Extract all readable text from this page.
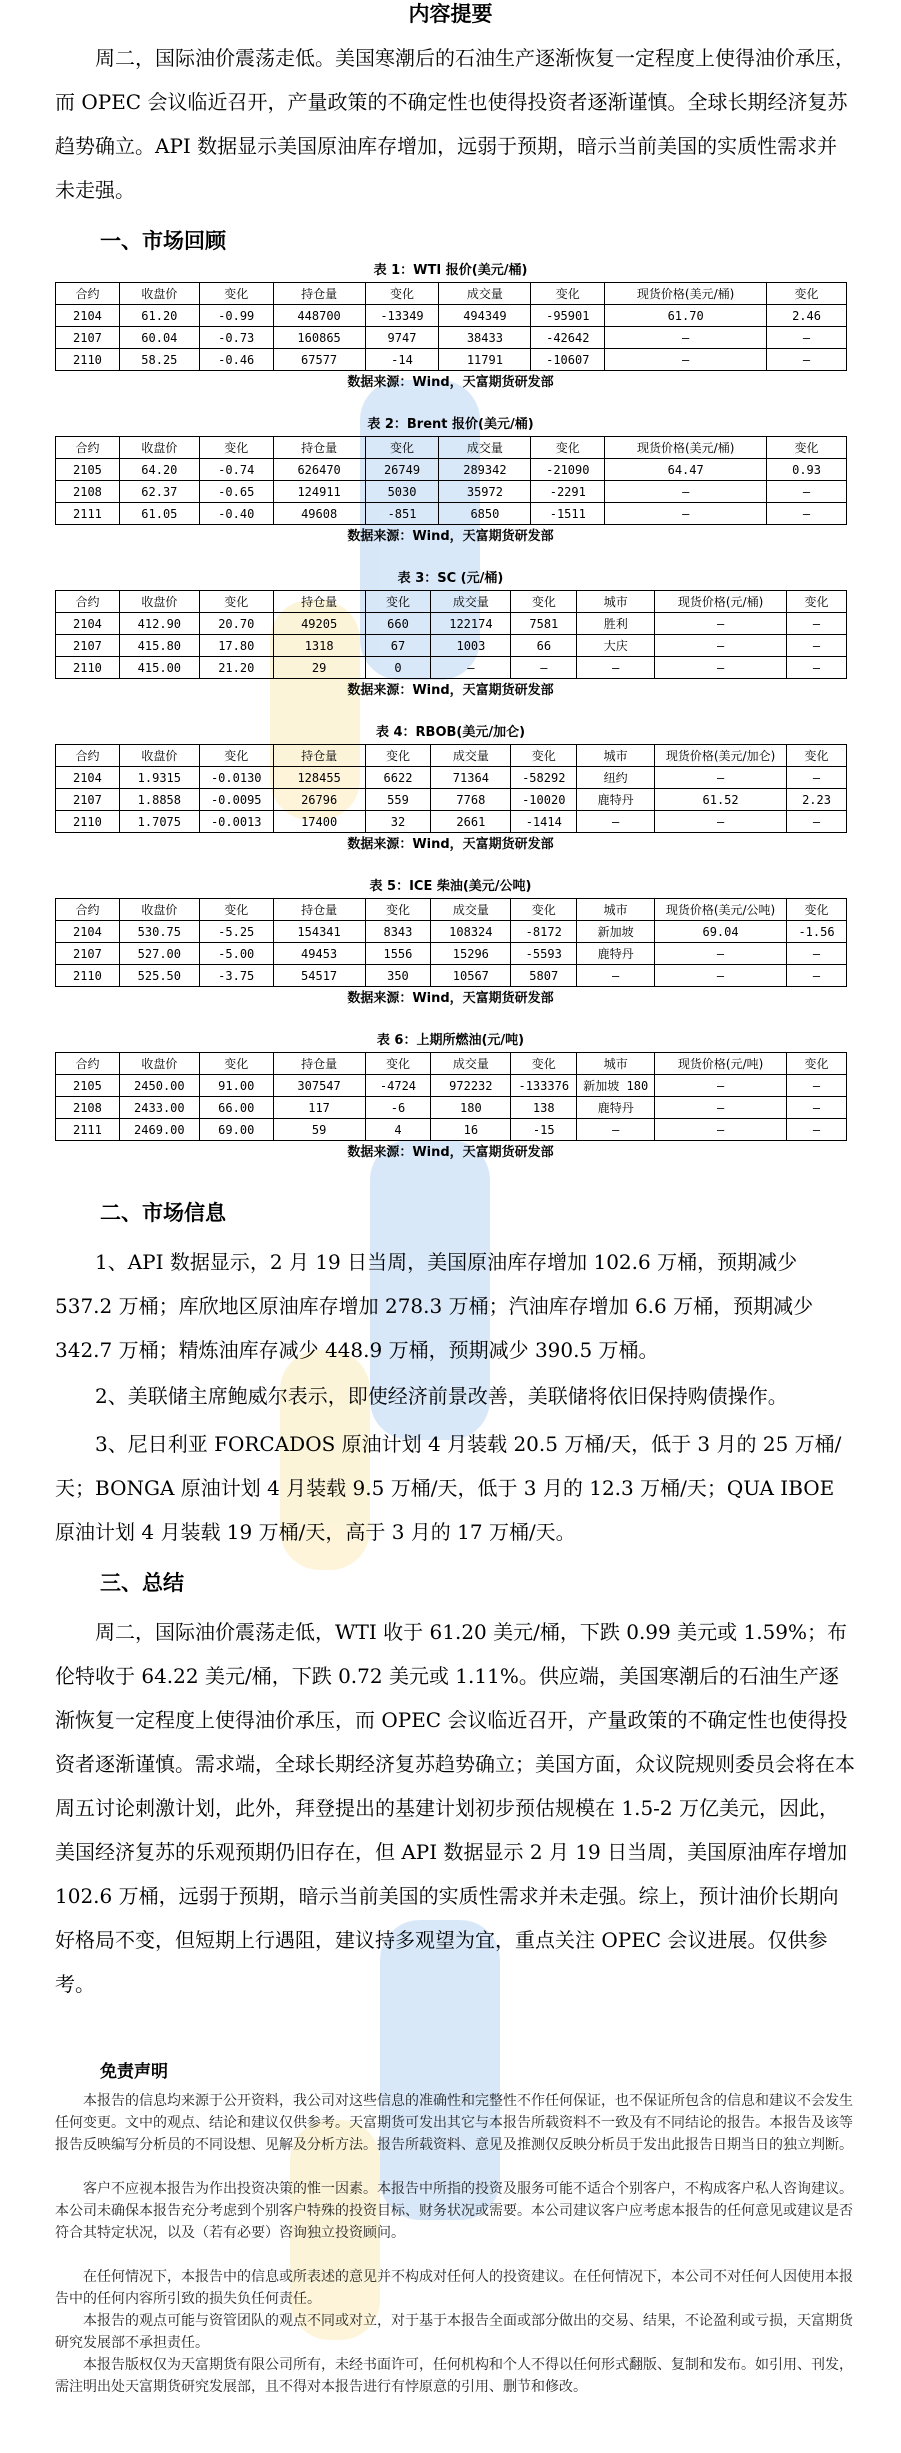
内容提要

周二，国际油价震荡走低。美国寒潮后的石油生产逐渐恢复一定程度上使得油价承压，而 OPEC 会议临近召开，产量政策的不确定性也使得投资者逐渐谨慎。全球长期经济复苏趋势确立。API 数据显示美国原油库存增加，远弱于预期，暗示当前美国的实质性需求并未走强。

一、市场回顾
表 1：WTI 报价(美元/桶)
合约	收盘价	变化	持仓量	变化	成交量	变化	现货价格(美元/桶)	变化
2104	61.20	-0.99	448700	-13349	494349	-95901	61.70	2.46
2107	60.04	-0.73	160865	9747	38433	-42642	—	—
2110	58.25	-0.46	67577	-14	11791	-10607	—	—
数据来源：Wind，天富期货研发部
表 2：Brent 报价(美元/桶)
合约	收盘价	变化	持仓量	变化	成交量	变化	现货价格(美元/桶)	变化
2105	64.20	-0.74	626470	26749	289342	-21090	64.47	0.93
2108	62.37	-0.65	124911	5030	35972	-2291	—	—
2111	61.05	-0.40	49608	-851	6850	-1511	—	—
数据来源：Wind，天富期货研发部
表 3：SC (元/桶)
合约	收盘价	变化	持仓量	变化	成交量	变化	城市	现货价格(元/桶)	变化
2104	412.90	20.70	49205	660	122174	7581	胜利	—	—
2107	415.80	17.80	1318	67	1003	66	大庆	—	—
2110	415.00	21.20	29	0	—	—	—	—	—
数据来源：Wind，天富期货研发部
表 4：RBOB(美元/加仑)
合约	收盘价	变化	持仓量	变化	成交量	变化	城市	现货价格(美元/加仑)	变化
2104	1.9315	-0.0130	128455	6622	71364	-58292	纽约	—	—
2107	1.8858	-0.0095	26796	559	7768	-10020	鹿特丹	61.52	2.23
2110	1.7075	-0.0013	17400	32	2661	-1414	—	—	—
数据来源：Wind，天富期货研发部
表 5：ICE 柴油(美元/公吨)
合约	收盘价	变化	持仓量	变化	成交量	变化	城市	现货价格(美元/公吨)	变化
2104	530.75	-5.25	154341	8343	108324	-8172	新加坡	69.04	-1.56
2107	527.00	-5.00	49453	1556	15296	-5593	鹿特丹	—	—
2110	525.50	-3.75	54517	350	10567	5807	—	—	—
数据来源：Wind，天富期货研发部
表 6：上期所燃油(元/吨)
合约	收盘价	变化	持仓量	变化	成交量	变化	城市	现货价格(元/吨)	变化
2105	2450.00	91.00	307547	-4724	972232	-133376	新加坡 180	—	—
2108	2433.00	66.00	117	-6	180	138	鹿特丹	—	—
2111	2469.00	69.00	59	4	16	-15	—	—	—
数据来源：Wind，天富期货研发部
二、市场信息

1、API 数据显示，2 月 19 日当周，美国原油库存增加 102.6 万桶，预期减少 537.2 万桶；库欣地区原油库存增加 278.3 万桶；汽油库存增加 6.6 万桶，预期减少 342.7 万桶；精炼油库存减少 448.9 万桶，预期减少 390.5 万桶。

2、美联储主席鲍威尔表示，即使经济前景改善，美联储将依旧保持购债操作。

3、尼日利亚 FORCADOS 原油计划 4 月装载 20.5 万桶/天，低于 3 月的 25 万桶/天；BONGA 原油计划 4 月装载 9.5 万桶/天，低于 3 月的 12.3 万桶/天；QUA IBOE 原油计划 4 月装载 19 万桶/天，高于 3 月的 17 万桶/天。

三、总结

周二，国际油价震荡走低，WTI 收于 61.20 美元/桶，下跌 0.99 美元或 1.59%；布伦特收于 64.22 美元/桶，下跌 0.72 美元或 1.11%。供应端，美国寒潮后的石油生产逐渐恢复一定程度上使得油价承压，而 OPEC 会议临近召开，产量政策的不确定性也使得投资者逐渐谨慎。需求端，全球长期经济复苏趋势确立；美国方面，众议院规则委员会将在本周五讨论刺激计划，此外，拜登提出的基建计划初步预估规模在 1.5-2 万亿美元，因此，美国经济复苏的乐观预期仍旧存在，但 API 数据显示 2 月 19 日当周，美国原油库存增加 102.6 万桶，远弱于预期，暗示当前美国的实质性需求并未走强。综上，预计油价长期向好格局不变，但短期上行遇阻，建议持多观望为宜，重点关注 OPEC 会议进展。仅供参考。

免责声明

本报告的信息均来源于公开资料，我公司对这些信息的准确性和完整性不作任何保证，也不保证所包含的信息和建议不会发生任何变更。文中的观点、结论和建议仅供参考。天富期货可发出其它与本报告所载资料不一致及有不同结论的报告。本报告及该等报告反映编写分析员的不同设想、见解及分析方法。报告所载资料、意见及推测仅反映分析员于发出此报告日期当日的独立判断。

客户不应视本报告为作出投资决策的惟一因素。本报告中所指的投资及服务可能不适合个别客户，不构成客户私人咨询建议。本公司未确保本报告充分考虑到个别客户特殊的投资目标、财务状况或需要。本公司建议客户应考虑本报告的任何意见或建议是否符合其特定状况，以及（若有必要）咨询独立投资顾问。

在任何情况下，本报告中的信息或所表述的意见并不构成对任何人的投资建议。在任何情况下，本公司不对任何人因使用本报告中的任何内容所引致的损失负任何责任。

本报告的观点可能与资管团队的观点不同或对立，对于基于本报告全面或部分做出的交易、结果，不论盈利或亏损，天富期货研究发展部不承担责任。

本报告版权仅为天富期货有限公司所有，未经书面许可，任何机构和个人不得以任何形式翻版、复制和发布。如引用、刊发，需注明出处天富期货研究发展部，且不得对本报告进行有悖原意的引用、删节和修改。
